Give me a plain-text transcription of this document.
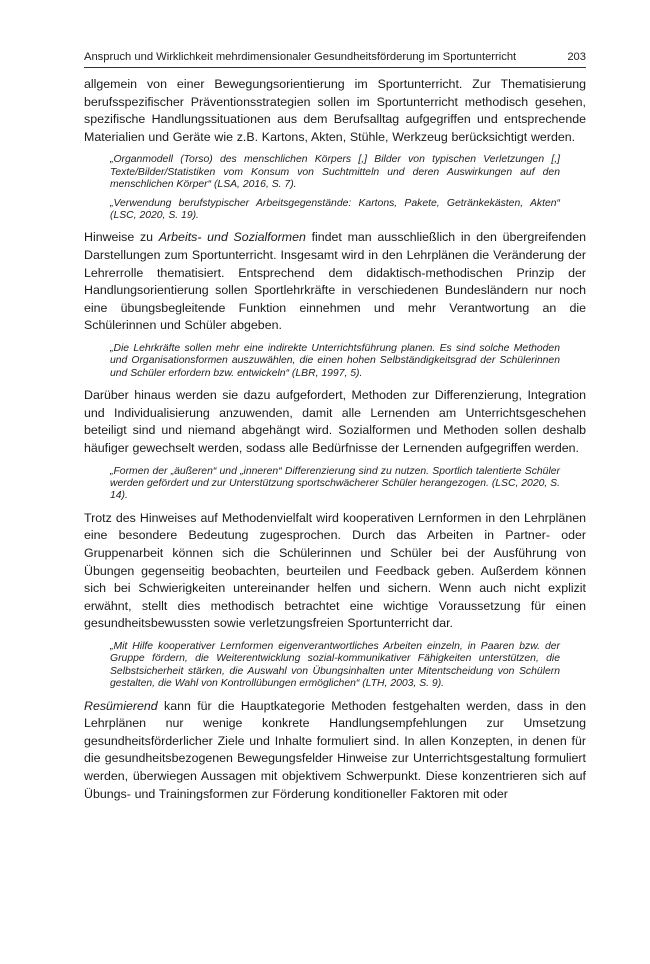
Anspruch und Wirklichkeit mehrdimensionaler Gesundheitsförderung im Sportunterricht	203

allgemein von einer Bewegungsorientierung im Sportunterricht. Zur Thematisierung berufsspezifischer Präventionsstrategien sollen im Sportunterricht methodisch gesehen, spezifische Handlungssituationen aus dem Berufsalltag aufgegriffen und entsprechende Materialien und Geräte wie z.B. Kartons, Akten, Stühle, Werkzeug berücksichtigt werden.

„Organmodell (Torso) des menschlichen Körpers [,] Bilder von typischen Verletzungen [,] Texte/Bilder/Statistiken vom Konsum von Suchtmitteln und deren Auswirkungen auf den menschlichen Körper“ (LSA, 2016, S. 7).

„Verwendung berufstypischer Arbeitsgegenstände: Kartons, Pakete, Getränkekästen, Akten“ (LSC, 2020, S. 19).

Hinweise zu Arbeits- und Sozialformen findet man ausschließlich in den übergreifenden Darstellungen zum Sportunterricht. Insgesamt wird in den Lehrplänen die Veränderung der Lehrerrolle thematisiert. Entsprechend dem didaktisch-methodischen Prinzip der Handlungsorientierung sollen Sportlehrkräfte in verschiedenen Bundesländern nur noch eine übungsbegleitende Funktion einnehmen und mehr Verantwortung an die Schülerinnen und Schüler abgeben.

„Die Lehrkräfte sollen mehr eine indirekte Unterrichtsführung planen. Es sind solche Methoden und Organisationsformen auszuwählen, die einen hohen Selbständigkeitsgrad der Schülerinnen und Schüler erfordern bzw. entwickeln“ (LBR, 1997, 5).

Darüber hinaus werden sie dazu aufgefordert, Methoden zur Differenzierung, Integration und Individualisierung anzuwenden, damit alle Lernenden am Unterrichtsgeschehen beteiligt sind und niemand abgehängt wird. Sozialformen und Methoden sollen deshalb häufiger gewechselt werden, sodass alle Bedürfnisse der Lernenden aufgegriffen werden.

„Formen der „äußeren“ und „inneren“ Differenzierung sind zu nutzen. Sportlich talentierte Schüler werden gefördert und zur Unterstützung sportschwächerer Schüler herangezogen. (LSC, 2020, S. 14).

Trotz des Hinweises auf Methodenvielfalt wird kooperativen Lernformen in den Lehrplänen eine besondere Bedeutung zugesprochen. Durch das Arbeiten in Partner- oder Gruppenarbeit können sich die Schülerinnen und Schüler bei der Ausführung von Übungen gegenseitig beobachten, beurteilen und Feedback geben. Außerdem können sich bei Schwierigkeiten untereinander helfen und sichern. Wenn auch nicht explizit erwähnt, stellt dies methodisch betrachtet eine wichtige Voraussetzung für einen gesundheitsbewussten sowie verletzungsfreien Sportunterricht dar.

„Mit Hilfe kooperativer Lernformen eigenverantwortliches Arbeiten einzeln, in Paaren bzw. der Gruppe fördern, die Weiterentwicklung sozial-kommunikativer Fähigkeiten unterstützen, die Selbstsicherheit stärken, die Auswahl von Übungsinhalten unter Mitentscheidung von Schülern gestalten, die Wahl von Kontrollübungen ermöglichen“ (LTH, 2003, S. 9).

Resümierend kann für die Hauptkategorie Methoden festgehalten werden, dass in den Lehrplänen nur wenige konkrete Handlungsempfehlungen zur Umsetzung gesundheitsförderlicher Ziele und Inhalte formuliert sind. In allen Konzepten, in denen für die gesundheitsbezogenen Bewegungsfelder Hinweise zur Unterrichtsgestaltung formuliert werden, überwiegen Aussagen mit objektivem Schwerpunkt. Diese konzentrieren sich auf Übungs- und Trainingsformen zur Förderung konditioneller Faktoren mit oder
